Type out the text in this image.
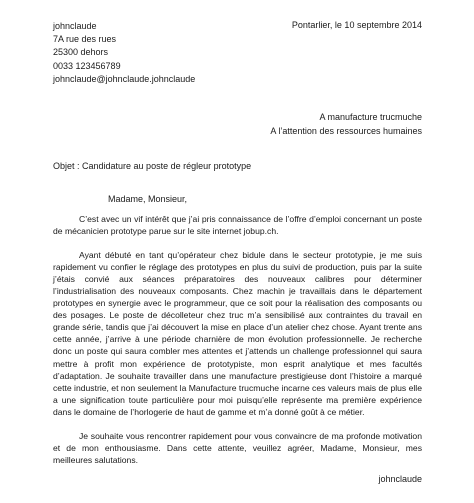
johnclaude
7A rue des rues
25300 dehors
0033 123456789
johnclaude@johnclaude.johnclaude
Pontarlier, le 10 septembre 2014
A manufacture trucmuche
A l’attention des ressources humaines
Objet : Candidature au poste de régleur prototype
Madame, Monsieur,

C’est avec un vif intérêt que j’ai pris connaissance de l’offre d’emploi concernant un poste de mécanicien prototype parue sur le site internet jobup.ch.

Ayant débuté en tant qu’opérateur chez bidule dans le secteur prototypie, je me suis rapidement vu confier le réglage des prototypes en plus du suivi de production, puis par la suite j’étais convié aux séances préparatoires des nouveaux calibres pour déterminer l’industrialisation des nouveaux composants. Chez machin je travaillais dans le département prototypes en synergie avec le programmeur, que ce soit pour la réalisation des composants ou des posages. Le poste de décolleteur chez truc m’a sensibilisé aux contraintes du travail en grande série, tandis que j’ai découvert la mise en place d’un atelier chez chose. Ayant trente ans cette année, j’arrive à une période charnière de mon évolution professionnelle. Je recherche donc un poste qui saura combler mes attentes et j’attends un challenge professionnel qui saura mettre à profit mon expérience de prototypiste, mon esprit analytique et mes facultés d’adaptation. Je souhaite travailler dans une manufacture prestigieuse dont l’histoire a marqué cette industrie, et non seulement la Manufacture trucmuche incarne ces valeurs mais de plus elle a une signification toute particulière pour moi puisqu’elle représente ma première expérience dans le domaine de l’horlogerie de haut de gamme et m’a donné goût à ce métier.

Je souhaite vous rencontrer rapidement pour vous convaincre de ma profonde motivation et de mon enthousiasme. Dans cette attente, veuillez agréer, Madame, Monsieur, mes meilleures salutations.

johnclaude
